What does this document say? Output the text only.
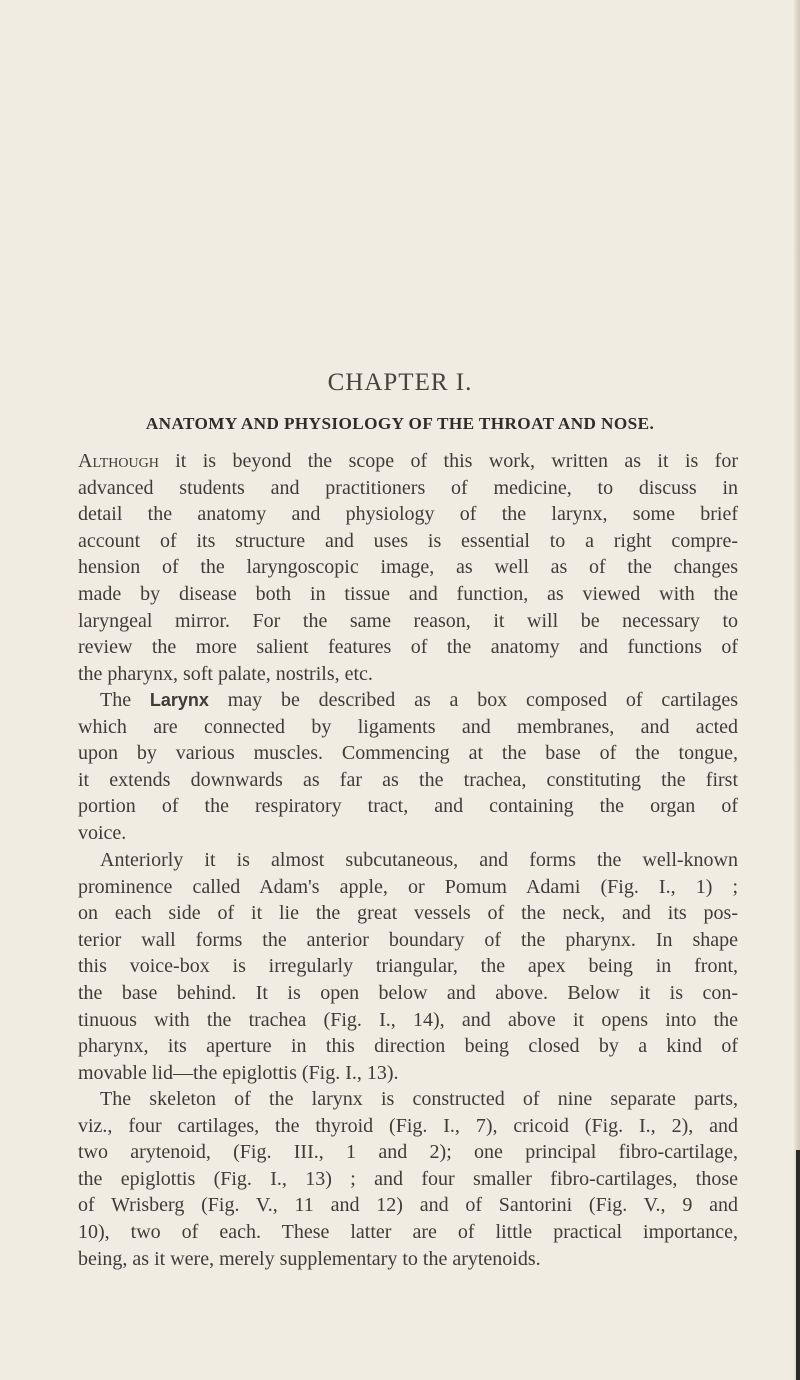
CHAPTER I.
ANATOMY AND PHYSIOLOGY OF THE THROAT AND NOSE.

Although it is beyond the scope of this work, written as it is for
advanced students and practitioners of medicine, to discuss in
detail the anatomy and physiology of the larynx, some brief
account of its structure and uses is essential to a right compre-
hension of the laryngoscopic image, as well as of the changes
made by disease both in tissue and function, as viewed with the
laryngeal mirror. For the same reason, it will be necessary to
review the more salient features of the anatomy and functions of
the pharynx, soft palate, nostrils, etc.

The Larynx may be described as a box composed of cartilages
which are connected by ligaments and membranes, and acted
upon by various muscles. Commencing at the base of the tongue,
it extends downwards as far as the trachea, constituting the first
portion of the respiratory tract, and containing the organ of
voice.

Anteriorly it is almost subcutaneous, and forms the well-known
prominence called Adam's apple, or Pomum Adami (Fig. I., 1) ;
on each side of it lie the great vessels of the neck, and its pos-
terior wall forms the anterior boundary of the pharynx. In shape
this voice-box is irregularly triangular, the apex being in front,
the base behind. It is open below and above. Below it is con-
tinuous with the trachea (Fig. I., 14), and above it opens into the
pharynx, its aperture in this direction being closed by a kind of
movable lid—the epiglottis (Fig. I., 13).

The skeleton of the larynx is constructed of nine separate parts,
viz., four cartilages, the thyroid (Fig. I., 7), cricoid (Fig. I., 2), and
two arytenoid, (Fig. III., 1 and 2); one principal fibro-cartilage,
the epiglottis (Fig. I., 13) ; and four smaller fibro-cartilages, those
of Wrisberg (Fig. V., 11 and 12) and of Santorini (Fig. V., 9 and
10), two of each. These latter are of little practical importance,
being, as it were, merely supplementary to the arytenoids.
